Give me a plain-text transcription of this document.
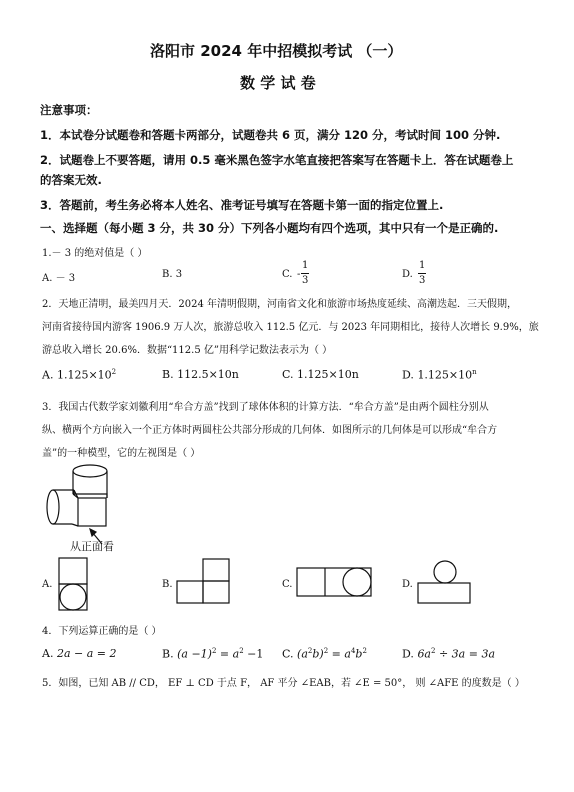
洛阳市 2024 年中招模拟考试 （一）
数 学 试 卷
注意事项：
1．本试卷分试题卷和答题卡两部分，试题卷共 6 页，满分 120 分，考试时间 100 分钟.
2．试题卷上不要答题，请用 0.5 毫米黑色签字水笔直接把答案写在答题卡上．答在试题卷上
的答案无效.
3．答题前，考生务必将本人姓名、准考证号填写在答题卡第一面的指定位置上.
一、选择题（每小题 3 分，共 30 分）下列各小题均有四个选项，其中只有一个是正确的.
1.－ 3 的绝对值是（ ）
A. － 3	B. 3	C. -
1
3
D.
1
3
2．天地正清明，最美四月天．2024 年清明假期，河南省文化和旅游市场热度延续、高潮迭起．三天假期，
河南省接待国内游客 1906.9 万人次，旅游总收入 112.5 亿元．与 2023 年同期相比，接待人次增长 9.9%，旅
游总收入增长 20.6%．数据“112.5 亿”用科学记数法表示为（ ）
A. $1.125\times 10^2$	B. 112.5×10n	C. 1.125×10n	D. $1.125\times 10^n$
3．我国古代数学家刘徽利用“牟合方盖”找到了球体体积的计算方法．“牟合方盖”是由两个圆柱分别从
纵、横两个方向嵌入一个正方体时两圆柱公共部分形成的几何体．如图所示的几何体是可以形成“牟合方
盖”的一种模型，它的左视图是（ ）
从正面看
A.	B.	C.	D.
4．下列运算正确的是（ ）
A. 2a − a = 2	B. $(a -1)^2 = a^2 -1$ C. $(a^2b)^2 = a^4b^2$	D. $6a^2 \div 3a = 3a$
5．如图，已知 AB // CD， EF ⊥ CD 于点 F， AF 平分 ∠EAB，若 ∠E = 50°， 则 ∠AFE 的度数是（ ）
